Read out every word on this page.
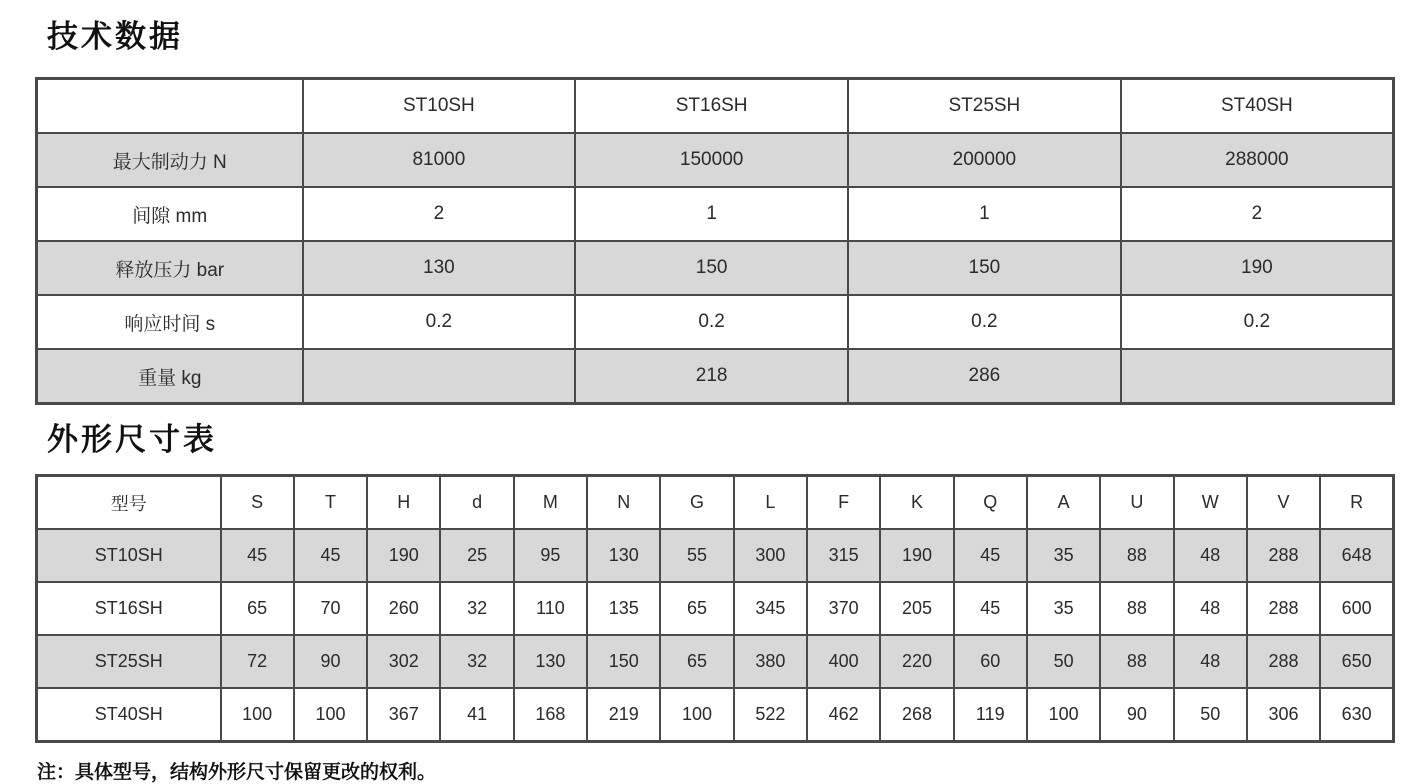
技术数据
	ST10SH	ST16SH	ST25SH	ST40SH
最大制动力 N	81000	150000	200000	288000
间隙 mm	2	1	1	2
释放压力 bar	130	150	150	190
响应时间 s	0.2	0.2	0.2	0.2
重量 kg		218	286	
外形尺寸表
型号	S	T	H	d	M	N	G	L	F	K	Q	A	U	W	V	R
ST10SH	45	45	190	25	95	130	55	300	315	190	45	35	88	48	288	648
ST16SH	65	70	260	32	110	135	65	345	370	205	45	35	88	48	288	600
ST25SH	72	90	302	32	130	150	65	380	400	220	60	50	88	48	288	650
ST40SH	100	100	367	41	168	219	100	522	462	268	119	100	90	50	306	630
注：具体型号，结构外形尺寸保留更改的权利。
